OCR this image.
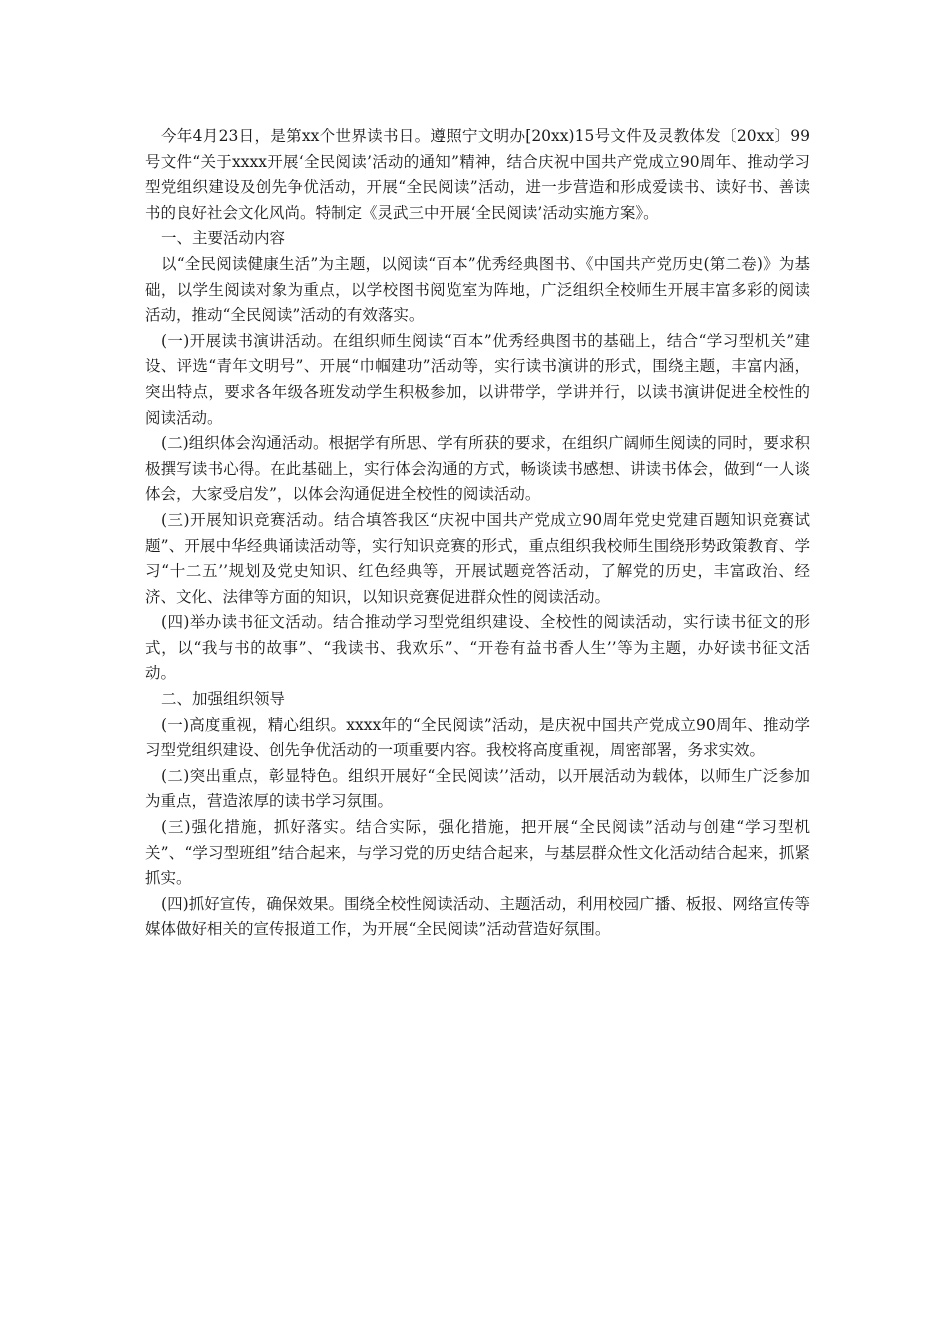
今年4月23日，是第xx个世界读书日。遵照宁文明办[20xx)15号文件及灵教体发〔20xx〕99号文件“关于xxxx开展‘全民阅读’活动的通知”精神，结合庆祝中国共产党成立90周年、推动学习型党组织建设及创先争优活动，开展“全民阅读”活动，进一步营造和形成爱读书、读好书、善读书的良好社会文化风尚。特制定《灵武三中开展‘全民阅读’活动实施方案》。

一、主要活动内容

以“全民阅读健康生活”为主题，以阅读“百本”优秀经典图书、《中国共产党历史(第二卷)》为基础，以学生阅读对象为重点，以学校图书阅览室为阵地，广泛组织全校师生开展丰富多彩的阅读活动，推动“全民阅读”活动的有效落实。

(一)开展读书演讲活动。在组织师生阅读“百本”优秀经典图书的基础上，结合“学习型机关”建设、评选“青年文明号”、开展“巾帼建功”活动等，实行读书演讲的形式，围绕主题，丰富内涵，突出特点，要求各年级各班发动学生积极参加，以讲带学，学讲并行，以读书演讲促进全校性的阅读活动。

(二)组织体会沟通活动。根据学有所思、学有所获的要求，在组织广阔师生阅读的同时，要求积极撰写读书心得。在此基础上，实行体会沟通的方式，畅谈读书感想、讲读书体会，做到“一人谈体会，大家受启发”，以体会沟通促进全校性的阅读活动。

(三)开展知识竞赛活动。结合填答我区“庆祝中国共产党成立90周年党史党建百题知识竞赛试题”、开展中华经典诵读活动等，实行知识竞赛的形式，重点组织我校师生围绕形势政策教育、学习“十二五’’规划及党史知识、红色经典等，开展试题竞答活动，了解党的历史，丰富政治、经济、文化、法律等方面的知识，以知识竞赛促进群众性的阅读活动。

(四)举办读书征文活动。结合推动学习型党组织建设、全校性的阅读活动，实行读书征文的形式，以“我与书的故事”、“我读书、我欢乐”、“开卷有益书香人生’’等为主题，办好读书征文活动。

二、加强组织领导

(一)高度重视，精心组织。xxxx年的“全民阅读”活动，是庆祝中国共产党成立90周年、推动学习型党组织建设、创先争优活动的一项重要内容。我校将高度重视，周密部署，务求实效。

(二)突出重点，彰显特色。组织开展好“全民阅读’’活动，以开展活动为载体，以师生广泛参加为重点，营造浓厚的读书学习氛围。

(三)强化措施，抓好落实。结合实际，强化措施，把开展“全民阅读”活动与创建“学习型机关”、“学习型班组”结合起来，与学习党的历史结合起来，与基层群众性文化活动结合起来，抓紧抓实。

(四)抓好宣传，确保效果。围绕全校性阅读活动、主题活动，利用校园广播、板报、网络宣传等媒体做好相关的宣传报道工作，为开展“全民阅读”活动营造好氛围。
